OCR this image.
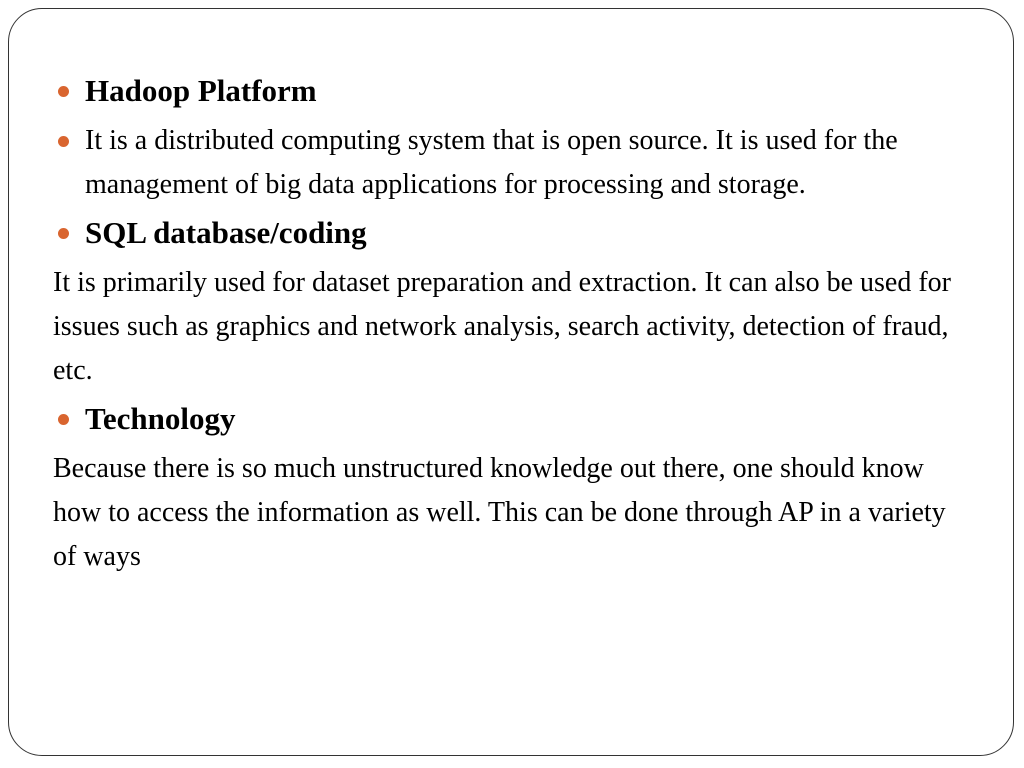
Hadoop Platform
It is a distributed computing system that is open source. It is used for the management of big data applications for processing and storage.
SQL database/coding
It is primarily used for dataset preparation and extraction. It can also be used for issues such as graphics and network analysis, search activity, detection of fraud, etc.
Technology
Because there is so much unstructured knowledge out there, one should know how to access the information as well. This can be done through AP in a variety of ways
